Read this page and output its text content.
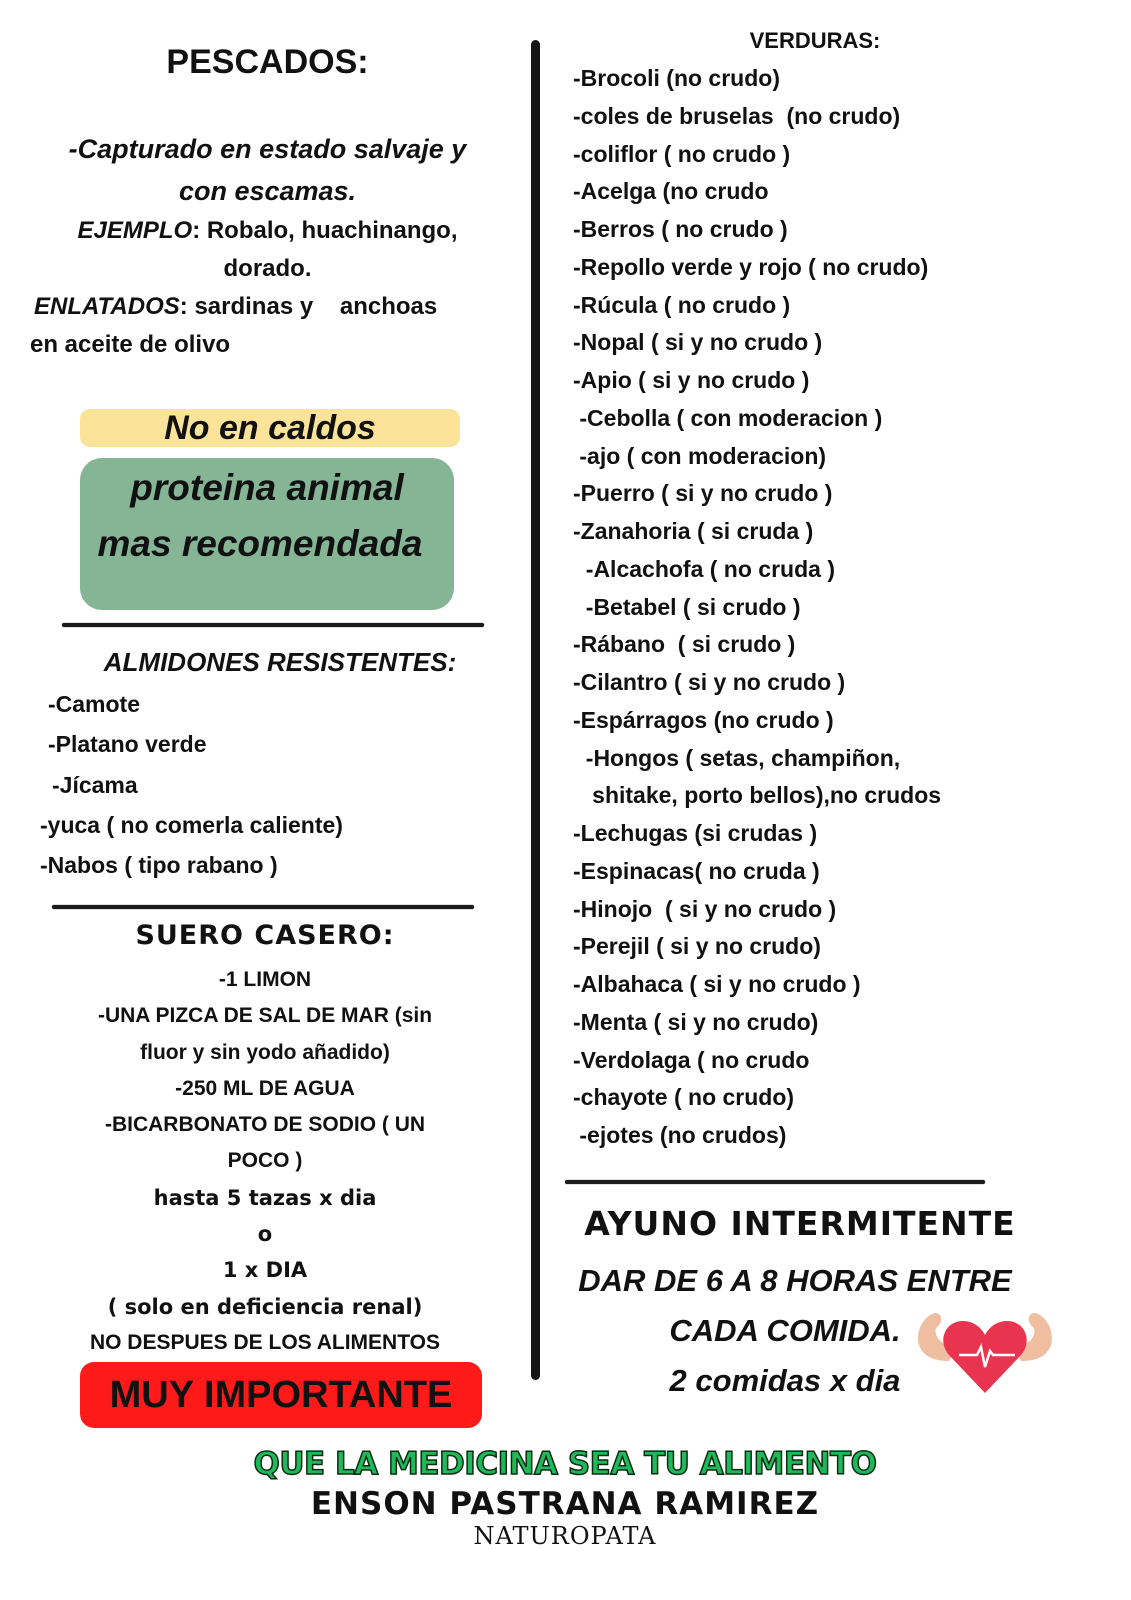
PESCADOS:
-Capturado en estado salvaje y
con escamas.
EJEMPLO: Robalo, huachinango,
dorado.
ENLATADOS: sardinas y    anchoas
en aceite de olivo
No en caldos
proteina animal
mas recomendada
ALMIDONES RESISTENTES:
-Camote
-Platano verde
-Jícama
-yuca ( no comerla caliente)
-Nabos ( tipo rabano )
SUERO CASERO:
-1 LIMON
-UNA PIZCA DE SAL DE MAR (sin
fluor y sin yodo añadido)
-250 ML DE AGUA
-BICARBONATO DE SODIO ( UN
POCO )
hasta 5 tazas x dia
o
1 x DIA
( solo en deficiencia renal)
NO DESPUES DE LOS ALIMENTOS
MUY IMPORTANTE
VERDURAS:
-Brocoli (no crudo)
-coles de bruselas  (no crudo)
-coliflor ( no crudo )
-Acelga (no crudo
-Berros ( no crudo )
-Repollo verde y rojo ( no crudo)
-Rúcula ( no crudo )
-Nopal ( si y no crudo )
-Apio ( si y no crudo )
-Cebolla ( con moderacion )
-ajo ( con moderacion)
-Puerro ( si y no crudo )
-Zanahoria ( si cruda )
-Alcachofa ( no cruda )
-Betabel ( si crudo )
-Rábano  ( si crudo )
-Cilantro ( si y no crudo )
-Espárragos (no crudo )
-Hongos ( setas, champiñon,
shitake, porto bellos),no crudos
-Lechugas (si crudas )
-Espinacas( no cruda )
-Hinojo  ( si y no crudo )
-Perejil ( si y no crudo)
-Albahaca ( si y no crudo )
-Menta ( si y no crudo)
-Verdolaga ( no crudo
-chayote ( no crudo)
-ejotes (no crudos)
AYUNO INTERMITENTE
DAR DE 6 A 8 HORAS ENTRE
CADA COMIDA.
2 comidas x dia
QUE LA MEDICINA SEA TU ALIMENTO
ENSON PASTRANA RAMIREZ
NATUROPATA
